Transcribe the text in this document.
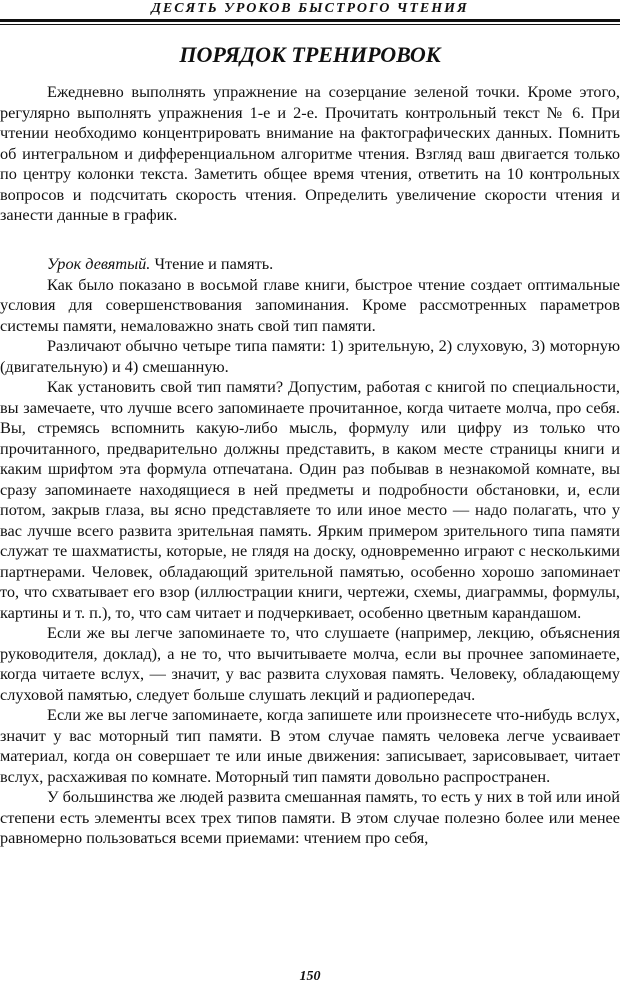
ДЕСЯТЬ УРОКОВ БЫСТРОГО ЧТЕНИЯ
ПОРЯДОК ТРЕНИРОВОК

Ежедневно выполнять упражнение на созерцание зеленой точки. Кроме этого, регулярно выполнять упражнения 1-е и 2-е. Прочитать контрольный текст № 6. При чтении необходимо концентрировать внимание на фактографических данных. Помнить об интегральном и дифференциальном алгоритме чтения. Взгляд ваш двигается только по центру колонки текста. Заметить общее время чтения, ответить на 10 контрольных вопросов и подсчитать скорость чтения. Определить увеличение скорости чтения и занести данные в график.

Урок девятый. Чтение и память.

Как было показано в восьмой главе книги, быстрое чтение создает оптимальные условия для совершенствования запоминания. Кроме рассмотренных параметров системы памяти, немаловажно знать свой тип памяти.

Различают обычно четыре типа памяти: 1) зрительную, 2) слуховую, 3) моторную (двигательную) и 4) смешанную.

Как установить свой тип памяти? Допустим, работая с книгой по специальности, вы замечаете, что лучше всего запоминаете прочитанное, когда читаете молча, про себя. Вы, стремясь вспомнить какую-либо мысль, формулу или цифру из только что прочитанного, предварительно должны представить, в каком месте страницы книги и каким шрифтом эта формула отпечатана. Один раз побывав в незнакомой комнате, вы сразу запоминаете находящиеся в ней предметы и подробности обстановки, и, если потом, закрыв глаза, вы ясно представляете то или иное место — надо полагать, что у вас лучше всего развита зрительная память. Ярким примером зрительного типа памяти служат те шахматисты, которые, не глядя на доску, одновременно играют с несколькими партнерами. Человек, обладающий зрительной памятью, особенно хорошо запоминает то, что схватывает его взор (иллюстрации книги, чертежи, схемы, диаграммы, формулы, картины и т. п.), то, что сам читает и подчеркивает, особенно цветным карандашом.

Если же вы легче запоминаете то, что слушаете (например, лекцию, объяснения руководителя, доклад), а не то, что вычитываете молча, если вы прочнее запоминаете, когда читаете вслух, — значит, у вас развита слуховая память. Человеку, обладающему слуховой памятью, следует больше слушать лекций и радиопередач.

Если же вы легче запоминаете, когда запишете или произнесете что-нибудь вслух, значит у вас моторный тип памяти. В этом случае память человека легче усваивает материал, когда он совершает те или иные движения: записывает, зарисовывает, читает вслух, расхаживая по комнате. Моторный тип памяти довольно распространен.

У большинства же людей развита смешанная память, то есть у них в той или иной степени есть элементы всех трех типов памяти. В этом случае полезно более или менее равномерно пользоваться всеми приемами: чтением про себя,

150
